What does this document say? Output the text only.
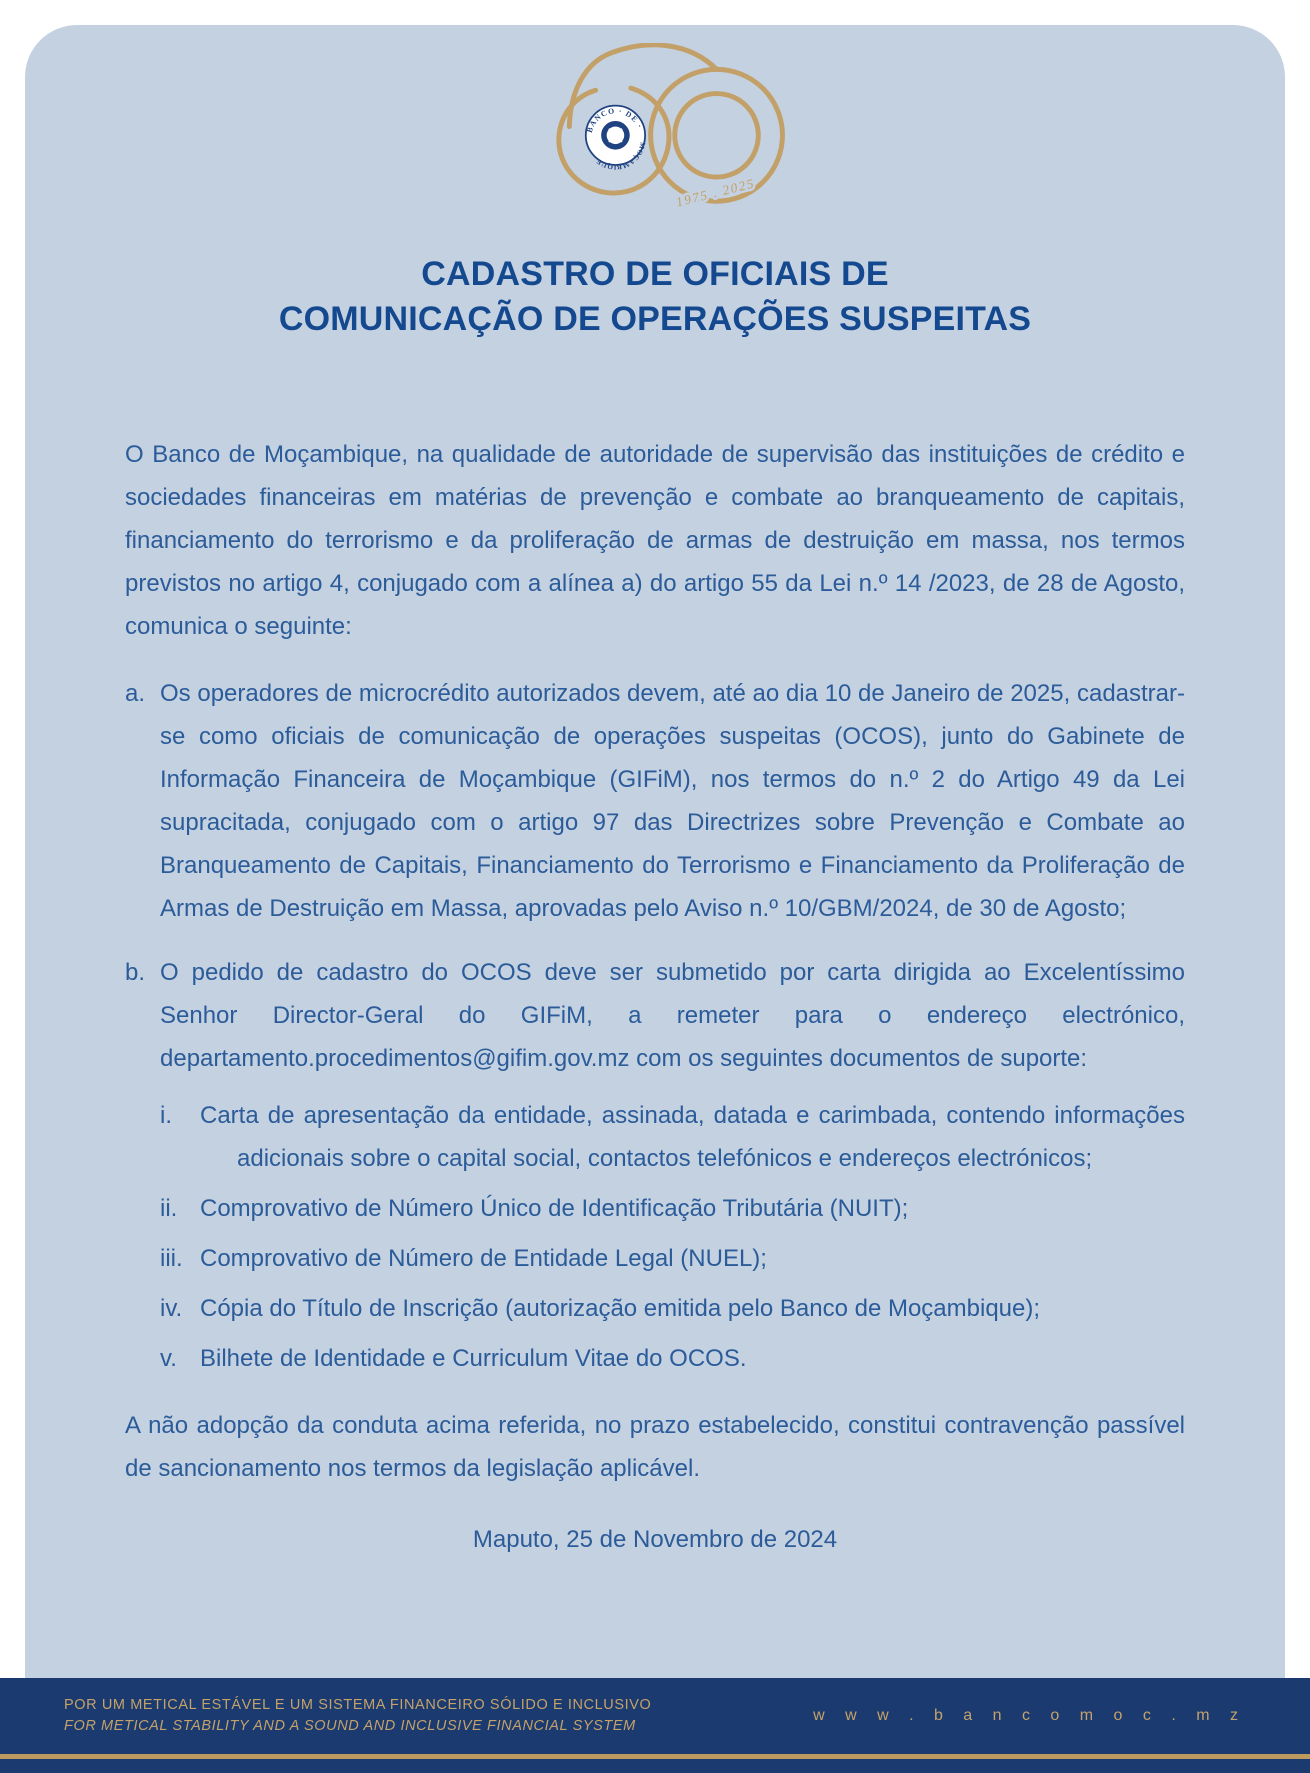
BANCO · DE ·
MOÇAMBIQUE
1975 . 2025
CADASTRO DE OFICIAIS DE
COMUNICAÇÃO DE OPERAÇÕES SUSPEITAS

O Banco de Moçambique, na qualidade de autoridade de supervisão das instituições de crédito e sociedades financeiras em matérias de prevenção e combate ao branqueamento de capitais, financiamento do terrorismo e da proliferação de armas de destruição em massa, nos termos previstos no artigo 4, conjugado com a alínea a) do artigo 55 da Lei n.º 14 /2023, de 28 de Agosto, comunica o seguinte:

a. Os operadores de microcrédito autorizados devem, até ao dia 10 de Janeiro de 2025, cadastrar-se como oficiais de comunicação de operações suspeitas (OCOS), junto do Gabinete de Informação Financeira de Moçambique (GIFiM), nos termos do n.º 2 do Artigo 49 da Lei supracitada, conjugado com o artigo 97 das Directrizes sobre Prevenção e Combate ao Branqueamento de Capitais, Financiamento do Terrorismo e Financiamento da Proliferação de Armas de Destruição em Massa, aprovadas pelo Aviso n.º 10/GBM/2024, de 30 de Agosto;
b. O pedido de cadastro do OCOS deve ser submetido por carta dirigida ao Excelentíssimo Senhor Director-Geral do GIFiM, a remeter para o endereço electrónico, departamento.procedimentos@gifim.gov.mz com os seguintes documentos de suporte:
i. Carta de apresentação da entidade, assinada, datada e carimbada, contendo informações adicionais sobre o capital social, contactos telefónicos e endereços electrónicos;
ii. Comprovativo de Número Único de Identificação Tributária (NUIT);
iii. Comprovativo de Número de Entidade Legal (NUEL);
iv. Cópia do Título de Inscrição (autorização emitida pelo Banco de Moçambique);
v. Bilhete de Identidade e Curriculum Vitae do OCOS.

A não adopção da conduta acima referida, no prazo estabelecido, constitui contravenção passível de sancionamento nos termos da legislação aplicável.

Maputo, 25 de Novembro de 2024

POR UM METICAL ESTÁVEL E UM SISTEMA FINANCEIRO SÓLIDO E INCLUSIVO
FOR METICAL STABILITY AND A SOUND AND INCLUSIVE FINANCIAL SYSTEM
w w w . b a n c o m o c . m z
